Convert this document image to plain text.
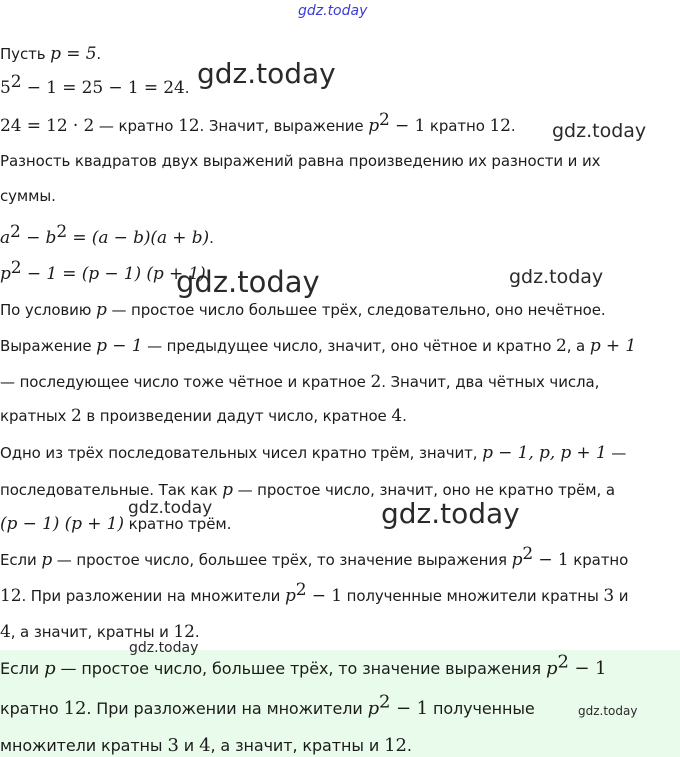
gdz.today
gdz.today
gdz.today
gdz.today	gdz.today
gdz.today	gdz.today
gdz.today
gdz.today
Пусть p = 5.
$5^2 - 1 = 25 - 1 = 24$.
24 = 12 · 2 — кратно 12. Значит, выражение $p^2 - 1$ кратно 12.
Разность квадратов двух выражений равна произведению их разности и их
суммы.
$a^2 - b^2 = (a - b)(a + b)$.
$p^2 - 1 = (p - 1) (p + 1)$
По условию p — простое число большее трёх, следовательно, оно нечётное.
Выражение p − 1 — предыдущее число, значит, оно чётное и кратно 2, а p + 1
— последующее число тоже чётное и кратное 2. Значит, два чётных числа,
кратных 2 в произведении дадут число, кратное 4.
Одно из трёх последовательных чисел кратно трём, значит, p − 1, p, p + 1 —
последовательные. Так как p — простое число, значит, оно не кратно трём, а
(p − 1) (p + 1) кратно трём.
Если p — простое число, большее трёх, то значение выражения $p^2 - 1$ кратно
12. При разложении на множители $p^2 - 1$ полученные множители кратны 3 и
4, а значит, кратны и 12.
Если p — простое число, большее трёх, то значение выражения $p^2 - 1$
кратно 12. При разложении на множители $p^2 - 1$ полученные
множители кратны 3 и 4, а значит, кратны и 12.
